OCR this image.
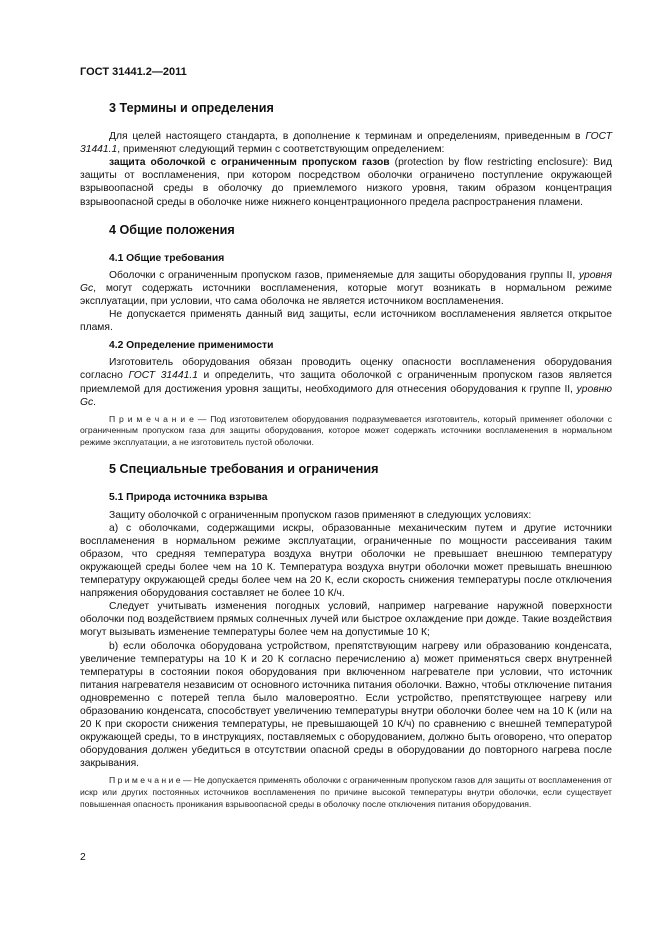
ГОСТ 31441.2—2011
3 Термины и определения

Для целей настоящего стандарта, в дополнение к терминам и определениям, приведенным в ГОСТ 31441.1, применяют следующий термин с соответствующим определением:

защита оболочкой с ограниченным пропуском газов (protection by flow restricting enclosure): Вид защиты от воспламенения, при котором посредством оболочки ограничено поступление окружающей взрывоопасной среды в оболочку до приемлемого низкого уровня, таким образом концентрация взрывоопасной среды в оболочке ниже нижнего концентрационного предела распространения пламени.

4 Общие положения
4.1 Общие требования

Оболочки с ограниченным пропуском газов, применяемые для защиты оборудования группы II, уровня Gc, могут содержать источники воспламенения, которые могут возникать в нормальном режиме эксплуатации, при условии, что сама оболочка не является источником воспламенения.

Не допускается применять данный вид защиты, если источником воспламенения является открытое пламя.

4.2 Определение применимости

Изготовитель оборудования обязан проводить оценку опасности воспламенения оборудования согласно ГОСТ 31441.1 и определить, что защита оболочкой с ограниченным пропуском газов является приемлемой для достижения уровня защиты, необходимого для отнесения оборудования к группе II, уровню Gc.

П р и м е ч а н и е — Под изготовителем оборудования подразумевается изготовитель, который применяет оболочки с ограниченным пропуском газа для защиты оборудования, которое может содержать источники воспламенения в нормальном режиме эксплуатации, а не изготовитель пустой оболочки.

5 Специальные требования и ограничения
5.1 Природа источника взрыва

Защиту оболочкой с ограниченным пропуском газов применяют в следующих условиях:

а) с оболочками, содержащими искры, образованные механическим путем и другие источники воспламенения в нормальном режиме эксплуатации, ограниченные по мощности рассеивания таким образом, что средняя температура воздуха внутри оболочки не превышает внешнюю температуру окружающей среды более чем на 10 К. Температура воздуха внутри оболочки может превышать внешнюю температуру окружающей среды более чем на 20 К, если скорость снижения температуры после отключения напряжения оборудования составляет не более 10 К/ч.

Следует учитывать изменения погодных условий, например нагревание наружной поверхности оболочки под воздействием прямых солнечных лучей или быстрое охлаждение при дожде. Такие воздействия могут вызывать изменение температуры более чем на допустимые 10 К;

b) если оболочка оборудована устройством, препятствующим нагреву или образованию конденсата, увеличение температуры на 10 К и 20 К согласно перечислению а) может применяться сверх внутренней температуры в состоянии покоя оборудования при включенном нагревателе при условии, что источник питания нагревателя независим от основного источника питания оболочки. Важно, чтобы отключение питания одновременно с потерей тепла было маловероятно. Если устройство, препятствующее нагреву или образованию конденсата, способствует увеличению температуры внутри оболочки более чем на 10 К (или на 20 К при скорости снижения температуры, не превышающей 10 К/ч) по сравнению с внешней температурой окружающей среды, то в инструкциях, поставляемых с оборудованием, должно быть оговорено, что оператор оборудования должен убедиться в отсутствии опасной среды в оборудовании до повторного нагрева после закрывания.

П р и м е ч а н и е — Не допускается применять оболочки с ограниченным пропуском газов для защиты от воспламенения от искр или других постоянных источников воспламенения по причине высокой температуры внутри оболочки, если существует повышенная опасность проникания взрывоопасной среды в оболочку после отключения питания оборудования.

2
